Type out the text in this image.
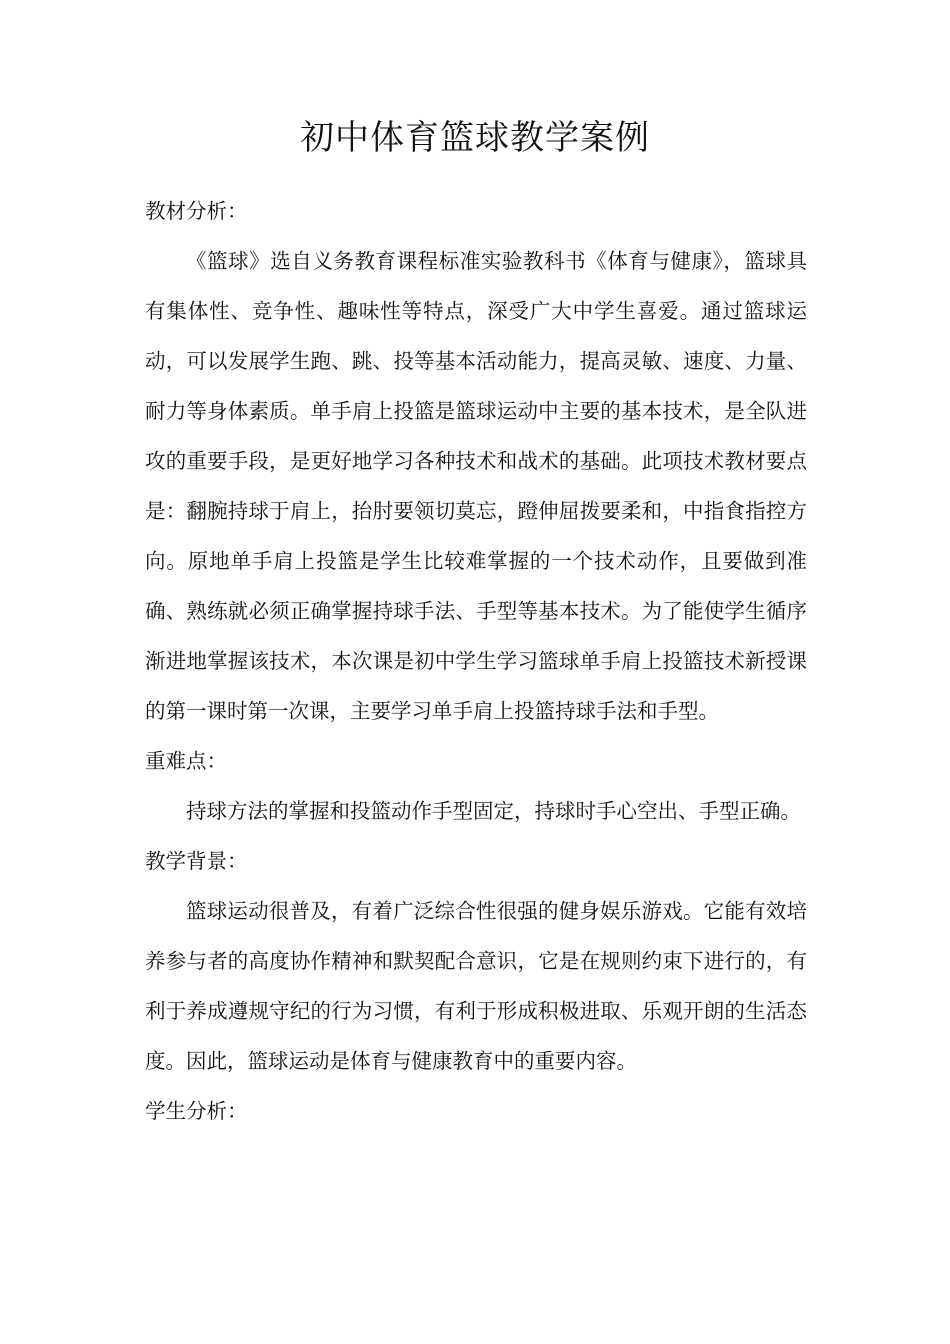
初中体育篮球教学案例

教材分析：

《篮球》选自义务教育课程标准实验教科书《体育与健康》，篮球具有集体性、竞争性、趣味性等特点，深受广大中学生喜爱。通过篮球运动，可以发展学生跑、跳、投等基本活动能力，提高灵敏、速度、力量、耐力等身体素质。单手肩上投篮是篮球运动中主要的基本技术，是全队进攻的重要手段，是更好地学习各种技术和战术的基础。此项技术教材要点是：翻腕持球于肩上，抬肘要领切莫忘，蹬伸屈拨要柔和，中指食指控方向。原地单手肩上投篮是学生比较难掌握的一个技术动作，且要做到准确、熟练就必须正确掌握持球手法、手型等基本技术。为了能使学生循序渐进地掌握该技术，本次课是初中学生学习篮球单手肩上投篮技术新授课的第一课时第一次课，主要学习单手肩上投篮持球手法和手型。

重难点：

持球方法的掌握和投篮动作手型固定，持球时手心空出、手型正确。

教学背景：

篮球运动很普及，有着广泛综合性很强的健身娱乐游戏。它能有效培养参与者的高度协作精神和默契配合意识，它是在规则约束下进行的，有利于养成遵规守纪的行为习惯，有利于形成积极进取、乐观开朗的生活态度。因此，篮球运动是体育与健康教育中的重要内容。

学生分析：
